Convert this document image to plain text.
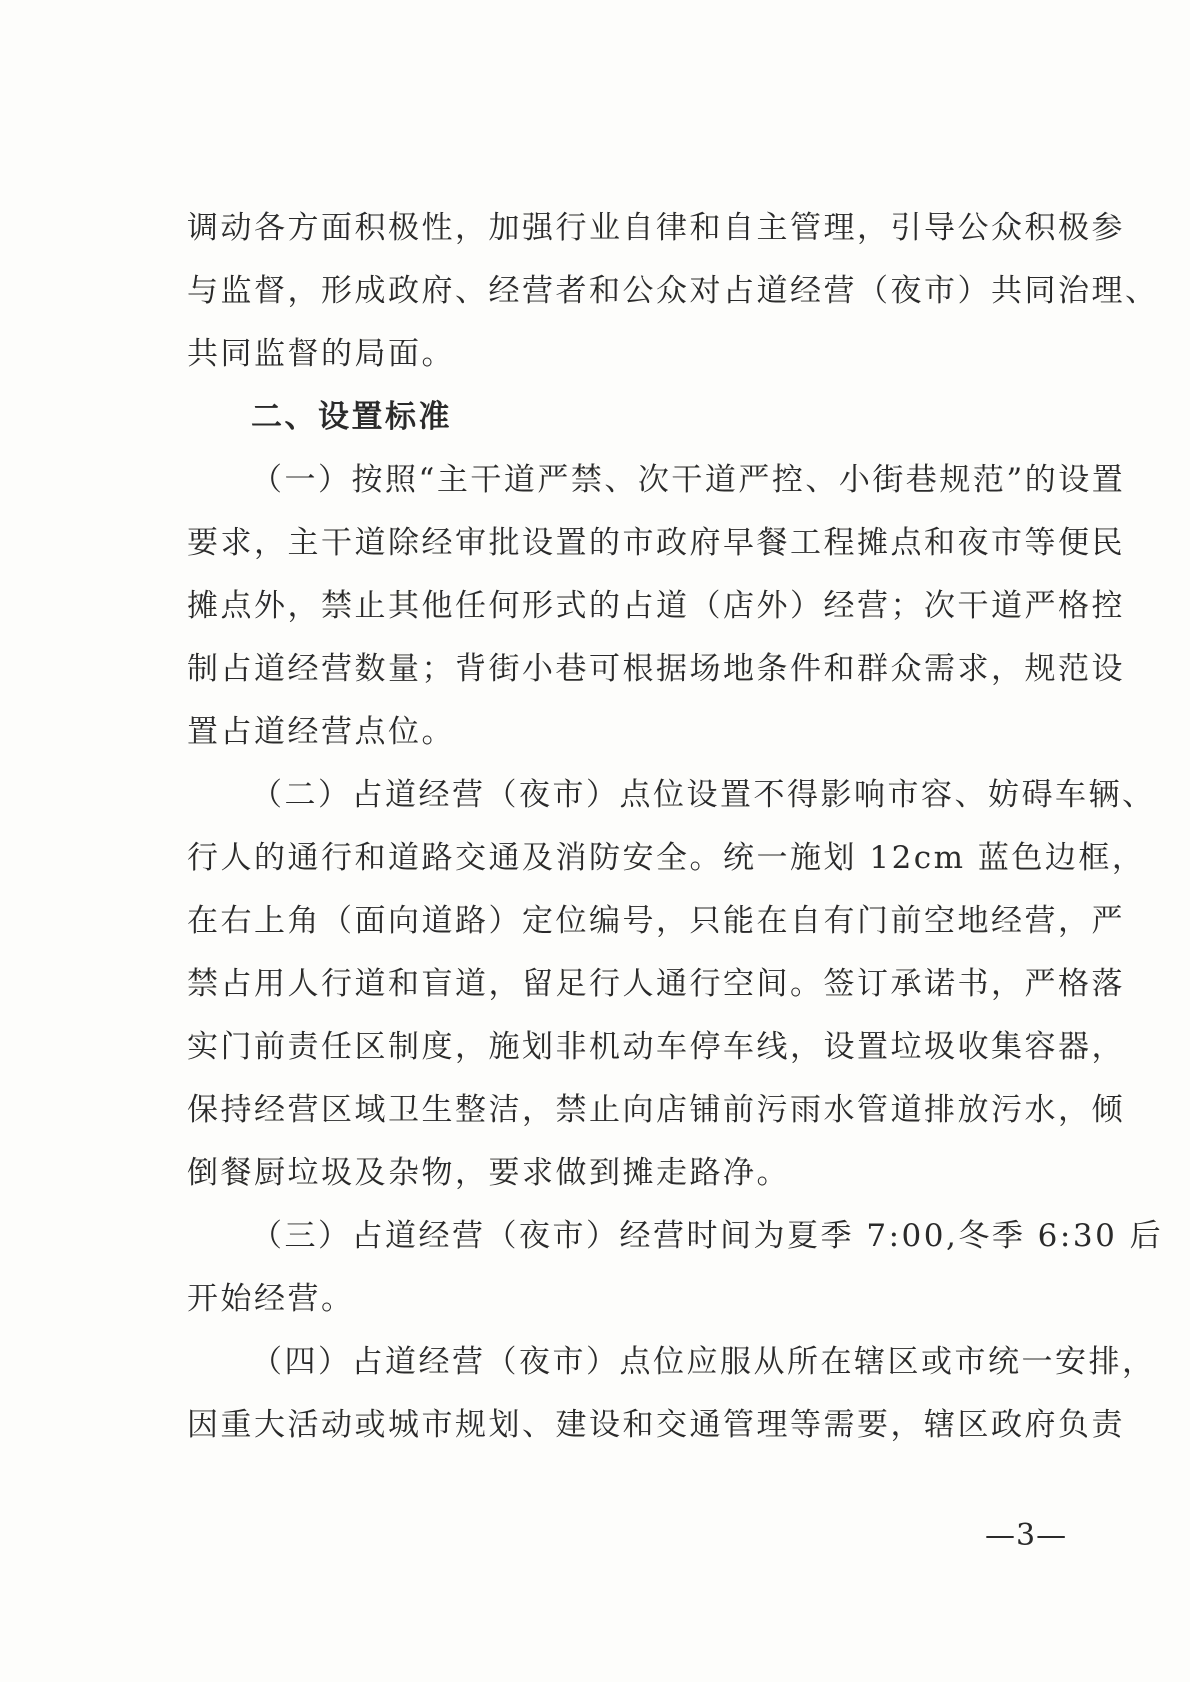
调动各方面积极性，加强行业自律和自主管理，引导公众积极参
与监督，形成政府、经营者和公众对占道经营（夜市）共同治理、
共同监督的局面。
二、设置标准
（一）按照“主干道严禁、次干道严控、小街巷规范”的设置
要求，主干道除经审批设置的市政府早餐工程摊点和夜市等便民
摊点外，禁止其他任何形式的占道（店外）经营；次干道严格控
制占道经营数量；背街小巷可根据场地条件和群众需求，规范设
置占道经营点位。
（二）占道经营（夜市）点位设置不得影响市容、妨碍车辆、
行人的通行和道路交通及消防安全。统一施划 12cm 蓝色边框，
在右上角（面向道路）定位编号，只能在自有门前空地经营，严
禁占用人行道和盲道，留足行人通行空间。签订承诺书，严格落
实门前责任区制度，施划非机动车停车线，设置垃圾收集容器，
保持经营区域卫生整洁，禁止向店铺前污雨水管道排放污水，倾
倒餐厨垃圾及杂物，要求做到摊走路净。
（三）占道经营（夜市）经营时间为夏季 7:00,冬季 6:30 后
开始经营。
（四）占道经营（夜市）点位应服从所在辖区或市统一安排，
因重大活动或城市规划、建设和交通管理等需要，辖区政府负责
—3—
